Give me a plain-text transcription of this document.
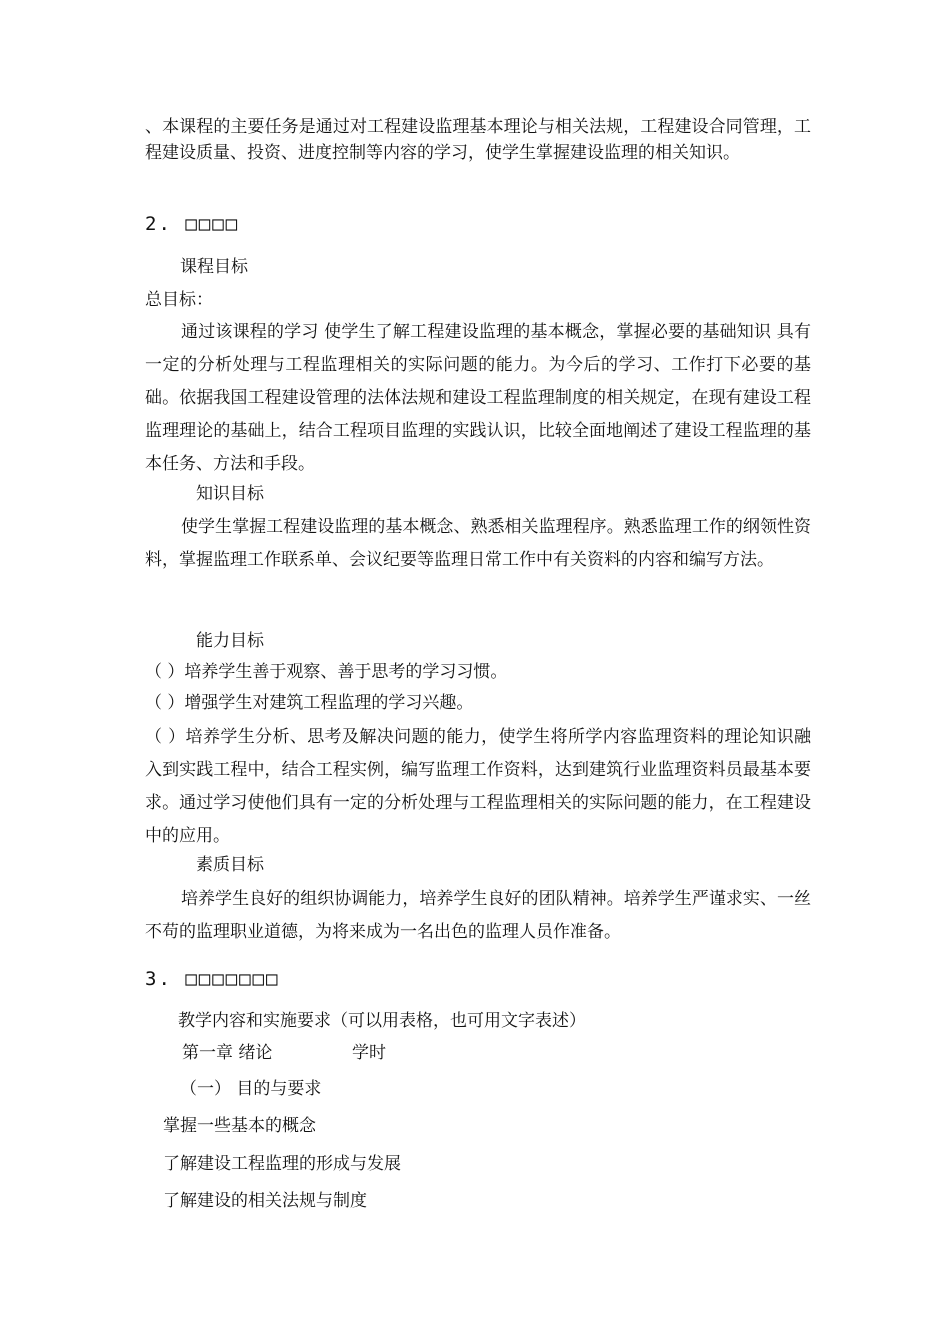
、本课程的主要任务是通过对工程建设监理基本理论与相关法规，工程建设合同管理，工程建设质量、投资、进度控制等内容的学习，使学生掌握建设监理的相关知识。

2. □□□□

课程目标

总目标：

通过该课程的学习 使学生了解工程建设监理的基本概念，掌握必要的基础知识 具有一定的分析处理与工程监理相关的实际问题的能力。为今后的学习、工作打下必要的基础。依据我国工程建设管理的法体法规和建设工程监理制度的相关规定，在现有建设工程监理理论的基础上，结合工程项目监理的实践认识，比较全面地阐述了建设工程监理的基本任务、方法和手段。

知识目标

使学生掌握工程建设监理的基本概念、熟悉相关监理程序。熟悉监理工作的纲领性资料，掌握监理工作联系单、会议纪要等监理日常工作中有关资料的内容和编写方法。

能力目标

（ ）培养学生善于观察、善于思考的学习习惯。

（ ）增强学生对建筑工程监理的学习兴趣。

（ ）培养学生分析、思考及解决问题的能力，使学生将所学内容监理资料的理论知识融入到实践工程中，结合工程实例，编写监理工作资料，达到建筑行业监理资料员最基本要求。通过学习使他们具有一定的分析处理与工程监理相关的实际问题的能力，在工程建设中的应用。

素质目标

培养学生良好的组织协调能力，培养学生良好的团队精神。培养学生严谨求实、一丝不苟的监理职业道德，为将来成为一名出色的监理人员作准备。

3. □□□□□□□

教学内容和实施要求（可以用表格，也可用文字表述）

第一章 绪论	学时

（一） 目的与要求

掌握一些基本的概念

了解建设工程监理的形成与发展

了解建设的相关法规与制度
